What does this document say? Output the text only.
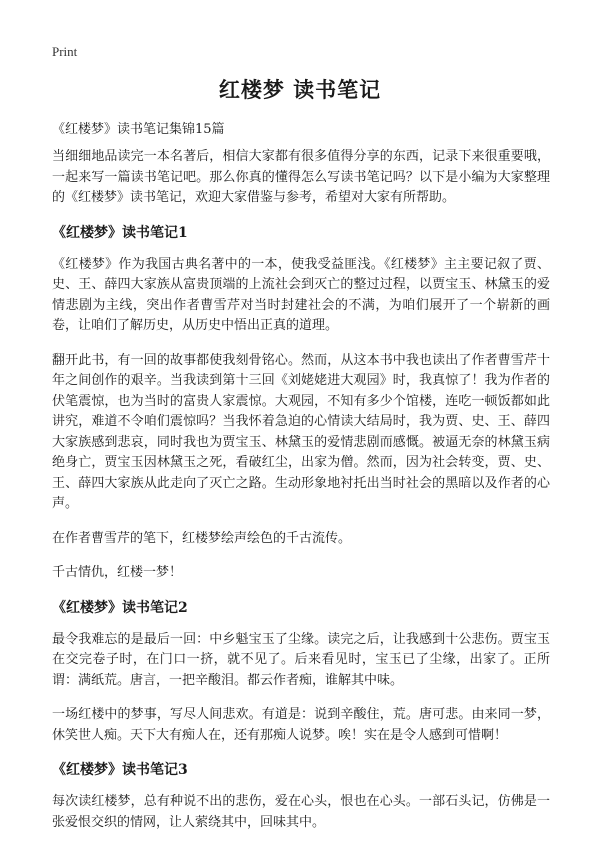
Print
红楼梦 读书笔记
《红楼梦》读书笔记集锦15篇

当细细地品读完一本名著后，相信大家都有很多值得分享的东西，记录下来很重要哦，一起来写一篇读书笔记吧。那么你真的懂得怎么写读书笔记吗？以下是小编为大家整理的《红楼梦》读书笔记，欢迎大家借鉴与参考，希望对大家有所帮助。

《红楼梦》读书笔记1

《红楼梦》作为我国古典名著中的一本，使我受益匪浅。《红楼梦》主主要记叙了贾、史、王、薛四大家族从富贵顶端的上流社会到灭亡的整过过程，以贾宝玉、林黛玉的爱情悲剧为主线，突出作者曹雪芹对当时封建社会的不满，为咱们展开了一个崭新的画卷，让咱们了解历史，从历史中悟出正真的道理。

翻开此书，有一回的故事都使我刻骨铭心。然而，从这本书中我也读出了作者曹雪芹十年之间创作的艰辛。当我读到第十三回《刘姥姥进大观园》时，我真惊了！我为作者的伏笔震惊，也为当时的富贵人家震惊。大观园，不知有多少个馆楼，连吃一顿饭都如此讲究，难道不令咱们震惊吗？当我怀着急迫的心情读大结局时，我为贾、史、王、薛四大家族感到悲哀，同时我也为贾宝玉、林黛玉的爱情悲剧而感慨。被逼无奈的林黛玉病绝身亡，贾宝玉因林黛玉之死，看破红尘，出家为僧。然而，因为社会转变，贾、史、王、薛四大家族从此走向了灭亡之路。生动形象地衬托出当时社会的黑暗以及作者的心声。

在作者曹雪芹的笔下，红楼梦绘声绘色的千古流传。

千古情仇，红楼一梦！

《红楼梦》读书笔记2

最令我难忘的是最后一回：中乡魁宝玉了尘缘。读完之后，让我感到十公悲伤。贾宝玉在交完卷子时，在门口一挤，就不见了。后来看见时，宝玉已了尘缘，出家了。正所谓：满纸荒。唐言，一把辛酸泪。都云作者痴，谁解其中味。

一场红楼中的梦事，写尽人间悲欢。有道是：说到辛酸住，荒。唐可悲。由来同一梦，休笑世人痴。天下大有痴人在，还有那痴人说梦。唉！实在是令人感到可惜啊！

《红楼梦》读书笔记3

每次读红楼梦，总有种说不出的悲伤，爱在心头，恨也在心头。一部石头记，仿佛是一张爱恨交织的情网，让人萦绕其中，回味其中。
